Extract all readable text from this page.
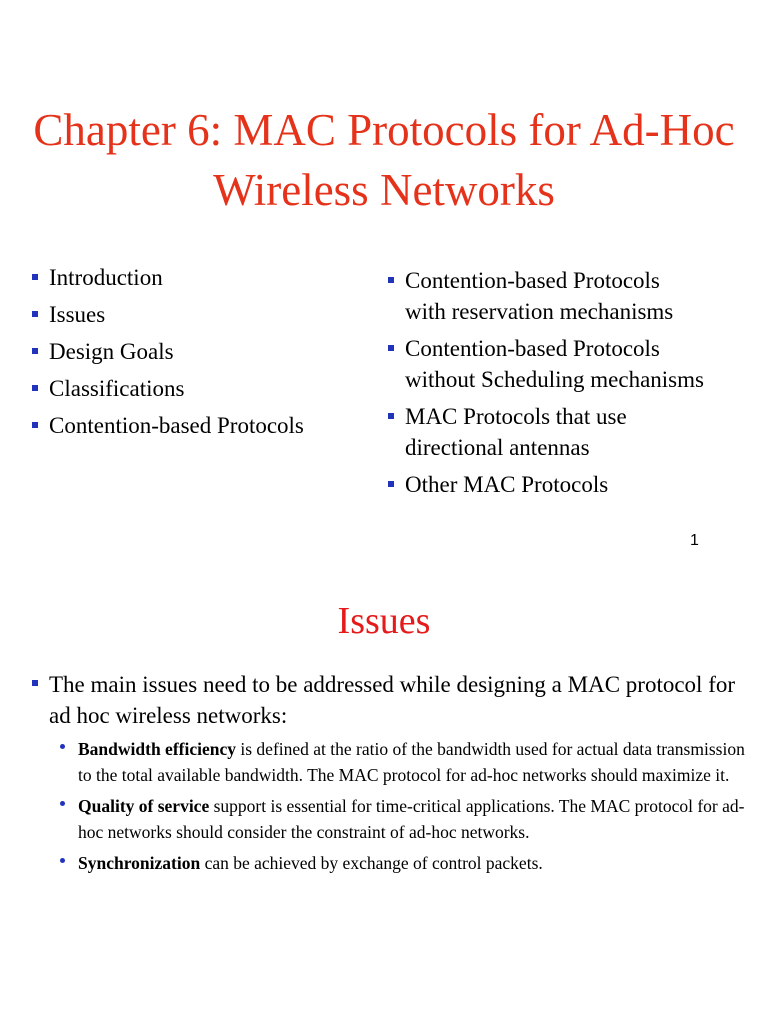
Chapter 6: MAC Protocols for Ad-Hoc
Wireless Networks
Introduction
Issues
Design Goals
Classifications
Contention-based Protocols
Contention-based Protocols
with reservation mechanisms
Contention-based Protocols
without Scheduling mechanisms
MAC Protocols that use
directional antennas
Other MAC Protocols
1
Issues
The main issues need to be addressed while designing a MAC protocol for ad hoc wireless networks:
Bandwidth efficiency is defined at the ratio of the bandwidth used for actual data transmission to the total available bandwidth. The MAC protocol for ad-hoc networks should maximize it.
Quality of service support is essential for time-critical applications. The MAC protocol for ad-hoc networks should consider the constraint of ad-hoc networks.
Synchronization can be achieved by exchange of control packets.
